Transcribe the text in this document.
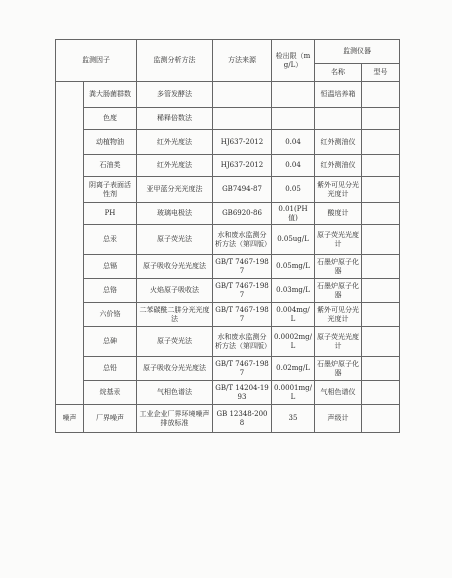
监测因子		监测分析方法	方法来源	检出限（mg/L）	监测仪器	
					名称	型号
	粪大肠菌群数	多管发酵法			恒温培养箱	
	色度	稀释倍数法				
	动植物油	红外光度法	HJ637-2012	0.04	红外测油仪	
	石油类	红外光度法	HJ637-2012	0.04	红外测油仪	
	阴离子表面活性剂	亚甲蓝分光光度法	GB7494-87	0.05	紫外可见分光光度计	
	PH	玻璃电极法	GB6920-86	0.01(PH值)	酸度计	
	总汞	原子荧光法	水和废水监测分析方法（第四版）	0.05ug/L	原子荧光光度计	
	总镉	原子吸收分光光度法	GB/T 7467-1987	0.05mg/L	石墨炉原子化器	
	总铬	火焰原子吸收法	GB/T 7467-1987	0.03mg/L	石墨炉原子化器	
	六价铬	二苯碳酰二肼分光光度法	GB/T 7467-1987	0.004mg/L	紫外可见分光光度计	
	总砷	原子荧光法	水和废水监测分析方法（第四版）	0.0002mg/L	原子荧光光度计	
	总铅	原子吸收分光光度法	GB/T 7467-1987	0.02mg/L	石墨炉原子化器	
	烷基汞	气相色谱法	GB/T 14204-1993	0.0001mg/L	气相色谱仪	
噪声	厂界噪声	工业企业厂界环境噪声排放标准	GB 12348-2008	35	声级计	
